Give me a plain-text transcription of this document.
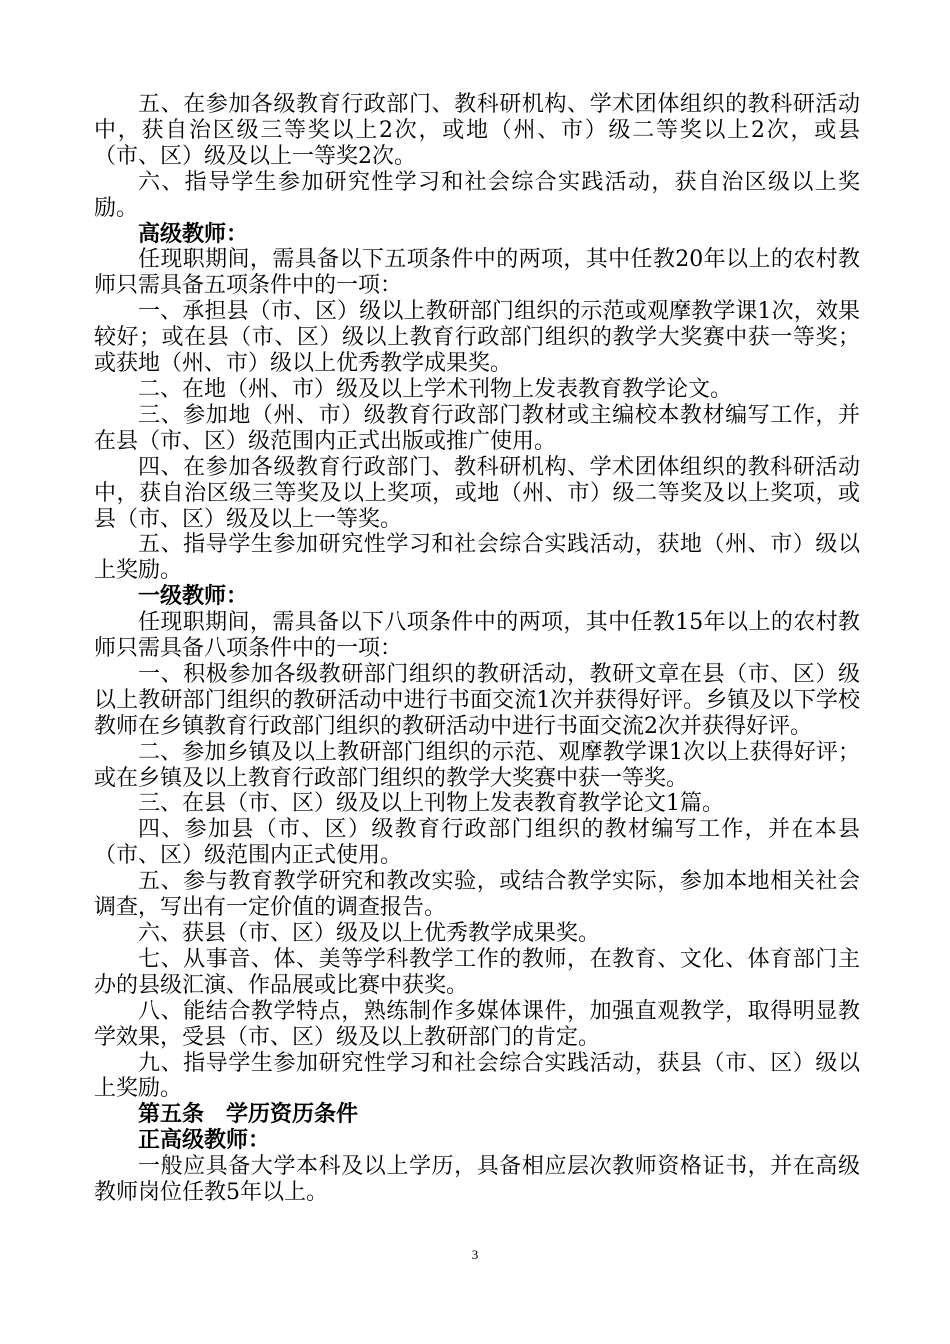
五、在参加各级教育行政部门、教科研机构、学术团体组织的教科研活动中，获自治区级三等奖以上2次，或地（州、市）级二等奖以上2次，或县（市、区）级及以上一等奖2次。

六、指导学生参加研究性学习和社会综合实践活动，获自治区级以上奖励。

高级教师：

任现职期间，需具备以下五项条件中的两项，其中任教20年以上的农村教师只需具备五项条件中的一项：

一、承担县（市、区）级以上教研部门组织的示范或观摩教学课1次，效果较好；或在县（市、区）级以上教育行政部门组织的教学大奖赛中获一等奖；或获地（州、市）级以上优秀教学成果奖。

二、在地（州、市）级及以上学术刊物上发表教育教学论文。

三、参加地（州、市）级教育行政部门教材或主编校本教材编写工作，并在县（市、区）级范围内正式出版或推广使用。

四、在参加各级教育行政部门、教科研机构、学术团体组织的教科研活动中，获自治区级三等奖及以上奖项，或地（州、市）级二等奖及以上奖项，或县（市、区）级及以上一等奖。

五、指导学生参加研究性学习和社会综合实践活动，获地（州、市）级以上奖励。

一级教师：

任现职期间，需具备以下八项条件中的两项，其中任教15年以上的农村教师只需具备八项条件中的一项：

一、积极参加各级教研部门组织的教研活动，教研文章在县（市、区）级以上教研部门组织的教研活动中进行书面交流1次并获得好评。乡镇及以下学校教师在乡镇教育行政部门组织的教研活动中进行书面交流2次并获得好评。

二、参加乡镇及以上教研部门组织的示范、观摩教学课1次以上获得好评；或在乡镇及以上教育行政部门组织的教学大奖赛中获一等奖。

三、在县（市、区）级及以上刊物上发表教育教学论文1篇。

四、参加县（市、区）级教育行政部门组织的教材编写工作，并在本县（市、区）级范围内正式使用。

五、参与教育教学研究和教改实验，或结合教学实际，参加本地相关社会调查，写出有一定价值的调查报告。

六、获县（市、区）级及以上优秀教学成果奖。

七、从事音、体、美等学科教学工作的教师，在教育、文化、体育部门主办的县级汇演、作品展或比赛中获奖。

八、能结合教学特点，熟练制作多媒体课件，加强直观教学，取得明显教学效果，受县（市、区）级及以上教研部门的肯定。

九、指导学生参加研究性学习和社会综合实践活动，获县（市、区）级以上奖励。

第五条 学历资历条件

正高级教师：

一般应具备大学本科及以上学历，具备相应层次教师资格证书，并在高级教师岗位任教5年以上。

3
